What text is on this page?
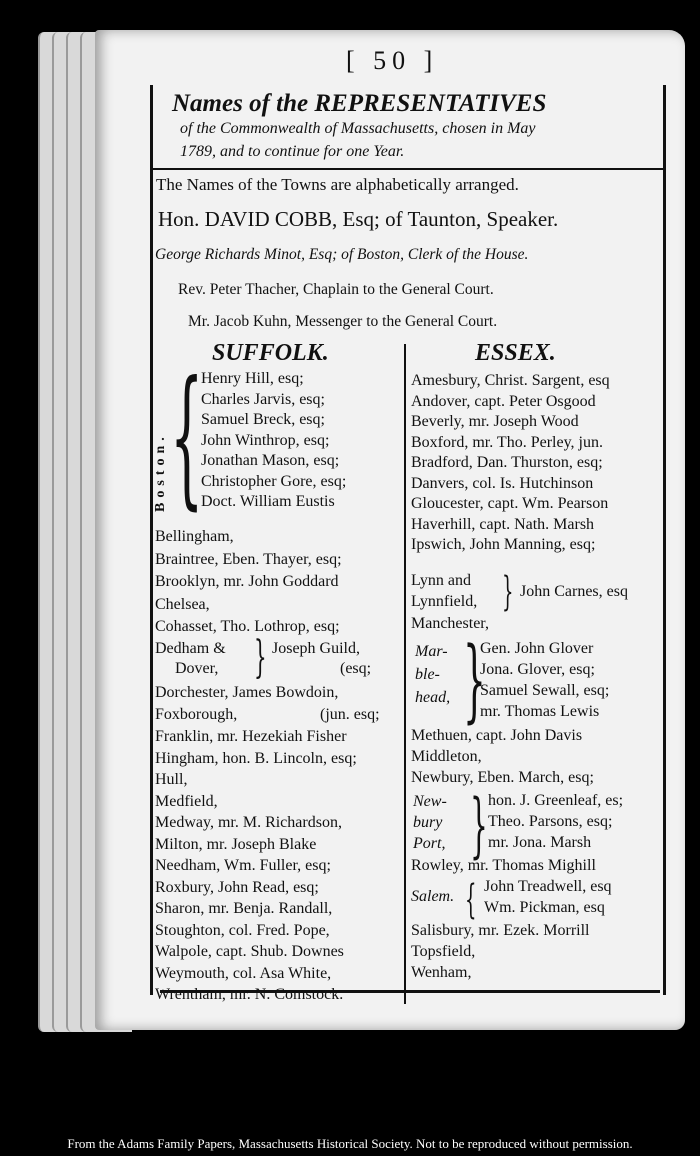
[ 50 ]
Names of the REPRESENTATIVES
of the Commonwealth of Massachusetts, chosen in May
1789, and to continue for one Year.
The Names of the Towns are alphabetically arranged.
Hon. DAVID COBB, Esq; of Taunton, Speaker.
George Richards Minot, Esq; of Boston, Clerk of the House.
Rev. Peter Thacher, Chaplain to the General Court.
Mr. Jacob Kuhn, Messenger to the General Court.
SUFFOLK.
Boston. {
Henry Hill, esq;
Charles Jarvis, esq;
Samuel Breck, esq;
John Winthrop, esq;
Jonathan Mason, esq;
Christopher Gore, esq;
Doct. William Eustis
Bellingham,
Braintree, Eben. Thayer, esq;
Brooklyn, mr. John Goddard
Chelsea,
Cohasset, Tho. Lothrop, esq;
Dedham &
Dover, } Joseph Guild,
(esq;
Dorchester, James Bowdoin,
Foxborough,	(jun. esq;
Franklin, mr. Hezekiah Fisher
Hingham, hon. B. Lincoln, esq;
Hull,
Medfield,
Medway, mr. M. Richardson,
Milton, mr. Joseph Blake
Needham, Wm. Fuller, esq;
Roxbury, John Read, esq;
Sharon, mr. Benja. Randall,
Stoughton, col. Fred. Pope,
Walpole, capt. Shub. Downes
Weymouth, col. Asa White,
Wrentham, mr. N. Comstock.
ESSEX.
Amesbury, Christ. Sargent, esq
Andover, capt. Peter Osgood
Beverly, mr. Joseph Wood
Boxford, mr. Tho. Perley, jun.
Bradford, Dan. Thurston, esq;
Danvers, col. Is. Hutchinson
Gloucester, capt. Wm. Pearson
Haverhill, capt. Nath. Marsh
Ipswich, John Manning, esq;
Lynn and
Lynnfield, } John Carnes, esq
Manchester,
Mar-
ble-
head, }
Gen. John Glover
Jona. Glover, esq;
Samuel Sewall, esq;
mr. Thomas Lewis
Methuen, capt. John Davis
Middleton,
Newbury, Eben. March, esq;
New-
bury
Port, } hon. J. Greenleaf, es;
Theo. Parsons, esq;
mr. Jona. Marsh
Rowley, mr. Thomas Mighill
Salem. { John Treadwell, esq
Wm. Pickman, esq
Salisbury, mr. Ezek. Morrill
Topsfield,
Wenham,
From the Adams Family Papers, Massachusetts Historical Society. Not to be reproduced without permission.
